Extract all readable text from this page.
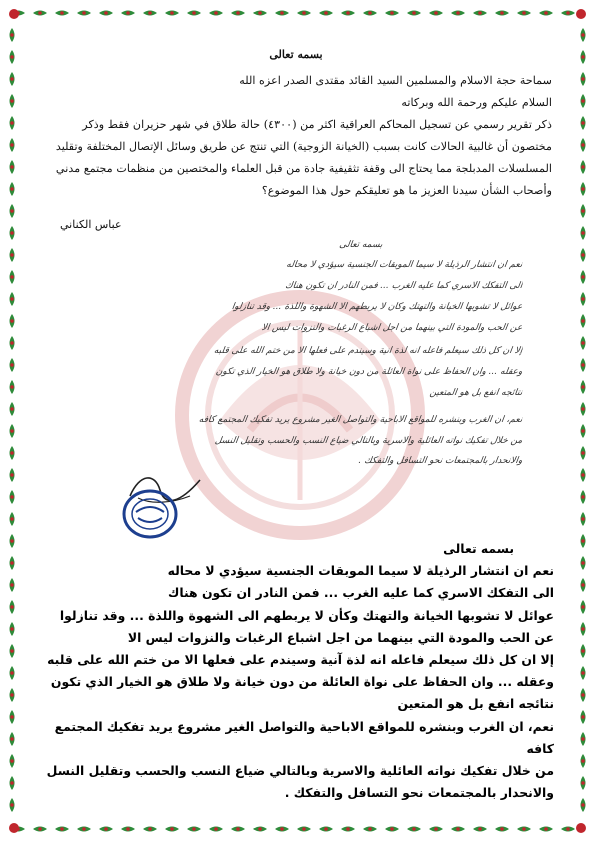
بسمه تعالى

سماحة حجة الاسلام والمسلمين السيد القائد مقتدى الصدر اعزه الله

السلام عليكم ورحمة الله وبركاته

ذكر تقرير رسمي عن تسجيل المحاكم العراقية اكثر من (٤٣٠٠) حالة طلاق في شهر حزيران فقط وذكر مختصون أن غالبية الحالات كانت بسبب (الخيانة الزوجية) التي تنتج عن طريق وسائل الإتصال المختلفة وتقليد المسلسلات المدبلجة مما يحتاج الى وقفة تثقيفية جادة من قبل العلماء والمختصين من منظمات مجتمع مدني وأصحاب الشأن سيدنا العزيز ما هو تعليقكم حول هذا الموضوع؟

عباس الكناني
بسمه تعالى
نعم ان انتشار الرذيلة لا سيما الموبقات الجنسية سيؤدي لا محاله
الى التفكك الاسري كما عليه الغرب ... فمن النادر ان تكون هناك
عوائل لا تشوبها الخيانة والتهتك وكأن لا يربطهم الا الشهوة واللذة ... وقد تنازلوا
عن الحب والمودة التي بينهما من اجل اشباع الرغبات والنزوات ليس الا
إلا ان كل ذلك سيعلم فاعله انه لذة آنية وسيندم على فعلها الا من ختم الله على قلبه
وعقله ... وان الحفاظ على نواة العائلة من دون خيانة ولا طلاق هو الخيار الذي تكون
نتائجه انفع بل هو المتعين
نعم، ان الغرب وبنشره للمواقع الاباحية والتواصل الغير مشروع يريد تفكيك المجتمع كافه
من خلال تفكيك نواته العائلية والاسرية وبالتالي ضياع النسب والحسب وتقليل النسل
والانحدار بالمجتمعات نحو التسافل والتفكك .

بسمه تعالى

نعم ان انتشار الرذيلة لا سيما الموبقات الجنسية سيؤدي لا محاله

الى التفكك الاسري كما عليه الغرب ... فمن النادر ان تكون هناك

عوائل لا تشوبها الخيانة والتهتك وكأن لا يربطهم الى الشهوة واللذة ... وقد تنازلوا

عن الحب والمودة التي بينهما من اجل اشباع الرغبات والنزوات ليس الا

إلا ان كل ذلك سيعلم فاعله انه لذة آنية وسيندم على فعلها الا من ختم الله على قلبه

وعقله ... وان الحفاظ على نواة العائلة من دون خيانة ولا طلاق هو الخيار الذي تكون

نتائجه انفع بل هو المتعين

نعم، ان الغرب وبنشره للمواقع الاباحية والتواصل الغير مشروع يريد تفكيك المجتمع كافه

من خلال تفكيك نواته العائلية والاسرية وبالتالي ضياع النسب والحسب وتقليل النسل

والانحدار بالمجتمعات نحو التسافل والتفكك .
